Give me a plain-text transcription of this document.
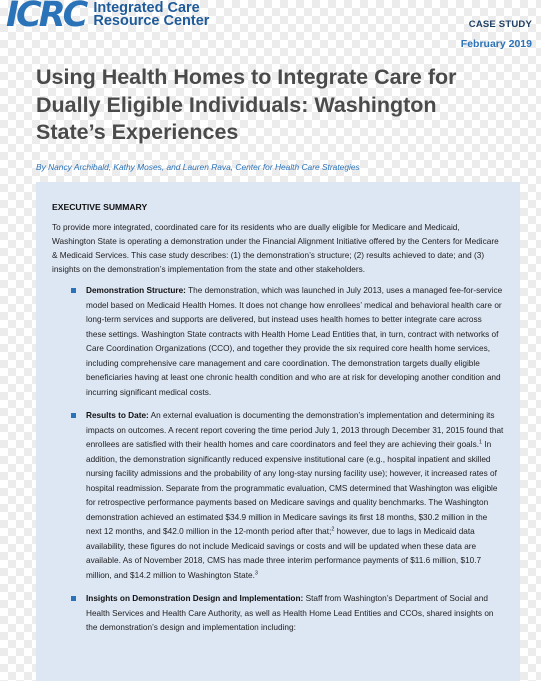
ICRC Integrated Care
Resource Center	CASE STUDY
February 2019
Using Health Homes to Integrate Care for Dually Eligible Individuals: Washington State’s Experiences
By Nancy Archibald, Kathy Moses, and Lauren Rava, Center for Health Care Strategies
EXECUTIVE SUMMARY

To provide more integrated, coordinated care for its residents who are dually eligible for Medicare and Medicaid, Washington State is operating a demonstration under the Financial Alignment Initiative offered by the Centers for Medicare & Medicaid Services. This case study describes: (1) the demonstration’s structure; (2) results achieved to date; and (3) insights on the demonstration’s implementation from the state and other stakeholders.

Demonstration Structure: The demonstration, which was launched in July 2013, uses a managed fee-for-service model based on Medicaid Health Homes. It does not change how enrollees’ medical and behavioral health care or long-term services and supports are delivered, but instead uses health homes to better integrate care across these settings. Washington State contracts with Health Home Lead Entities that, in turn, contract with networks of Care Coordination Organizations (CCO), and together they provide the six required core health home services, including comprehensive care management and care coordination. The demonstration targets dually eligible beneficiaries having at least one chronic health condition and who are at risk for developing another condition and incurring significant medical costs.
Results to Date: An external evaluation is documenting the demonstration’s implementation and determining its impacts on outcomes. A recent report covering the time period July 1, 2013 through December 31, 2015 found that enrollees are satisfied with their health homes and care coordinators and feel they are achieving their goals.$^1$ In addition, the demonstration significantly reduced expensive institutional care (e.g., hospital inpatient and skilled nursing facility admissions and the probability of any long-stay nursing facility use); however, it increased rates of hospital readmission. Separate from the programmatic evaluation, CMS determined that Washington was eligible for retrospective performance payments based on Medicare savings and quality benchmarks. The Washington demonstration achieved an estimated $34.9 million in Medicare savings its first 18 months, $30.2 million in the next 12 months, and $42.0 million in the 12-month period after that;$^2$ however, due to lags in Medicaid data availability, these figures do not include Medicaid savings or costs and will be updated when these data are available. As of November 2018, CMS has made three interim performance payments of $11.6 million, $10.7 million, and $14.2 million to Washington State.$^3$
Insights on Demonstration Design and Implementation: Staff from Washington’s Department of Social and Health Services and Health Care Authority, as well as Health Home Lead Entities and CCOs, shared insights on the demonstration’s design and implementation including:
